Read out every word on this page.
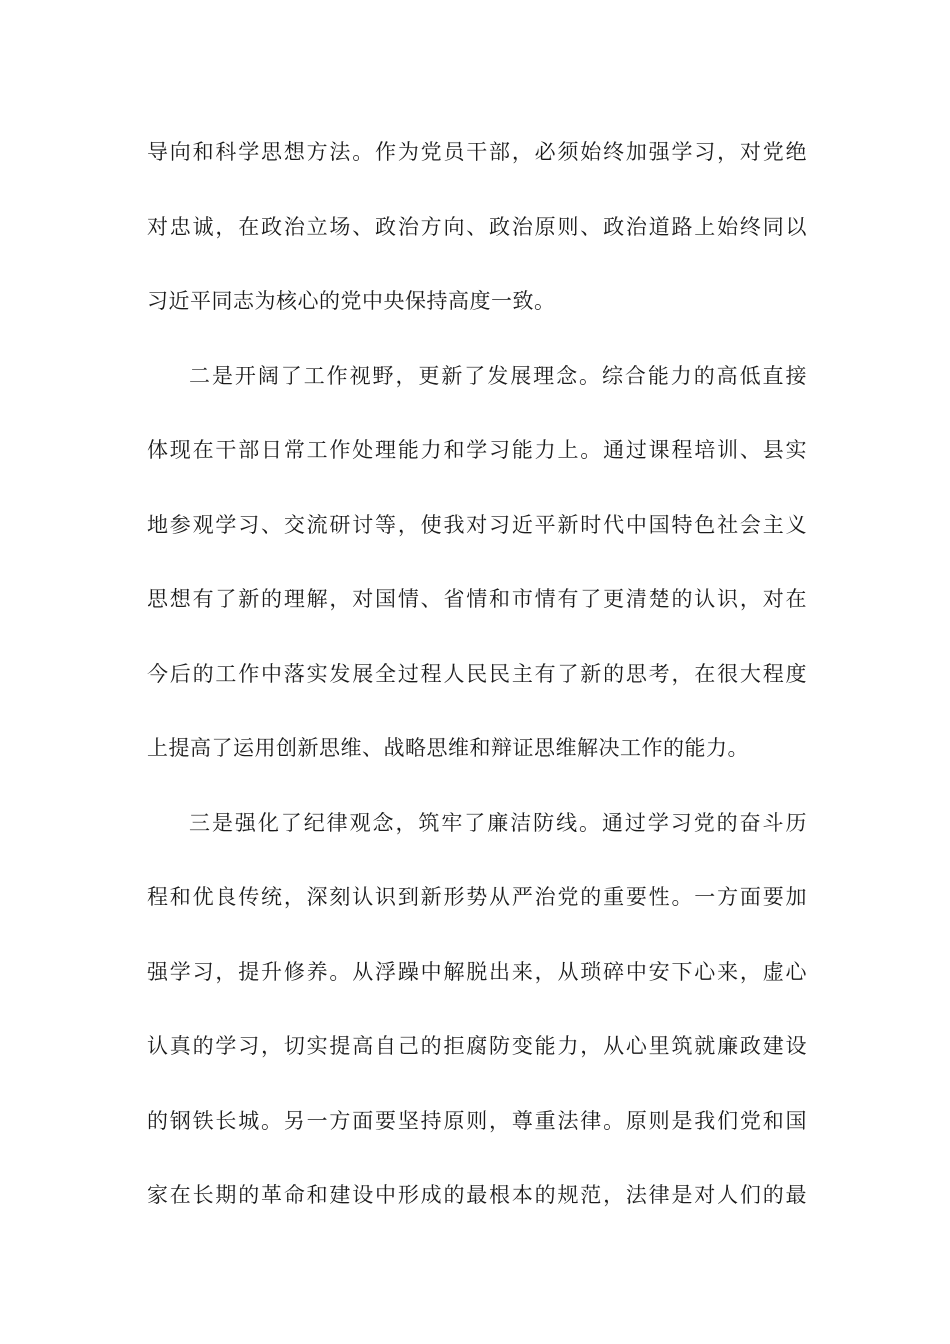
导向和科学思想方法。作为党员干部，必须始终加强学习，对党绝
对忠诚，在政治立场、政治方向、政治原则、政治道路上始终同以
习近平同志为核心的党中央保持高度一致。
二是开阔了工作视野，更新了发展理念。综合能力的高低直接
体现在干部日常工作处理能力和学习能力上。通过课程培训、县实
地参观学习、交流研讨等，使我对习近平新时代中国特色社会主义
思想有了新的理解，对国情、省情和市情有了更清楚的认识，对在
今后的工作中落实发展全过程人民民主有了新的思考，在很大程度
上提高了运用创新思维、战略思维和辩证思维解决工作的能力。
三是强化了纪律观念，筑牢了廉洁防线。通过学习党的奋斗历
程和优良传统，深刻认识到新形势从严治党的重要性。一方面要加
强学习，提升修养。从浮躁中解脱出来，从琐碎中安下心来，虚心
认真的学习，切实提高自己的拒腐防变能力，从心里筑就廉政建设
的钢铁长城。另一方面要坚持原则，尊重法律。原则是我们党和国
家在长期的革命和建设中形成的最根本的规范，法律是对人们的最
